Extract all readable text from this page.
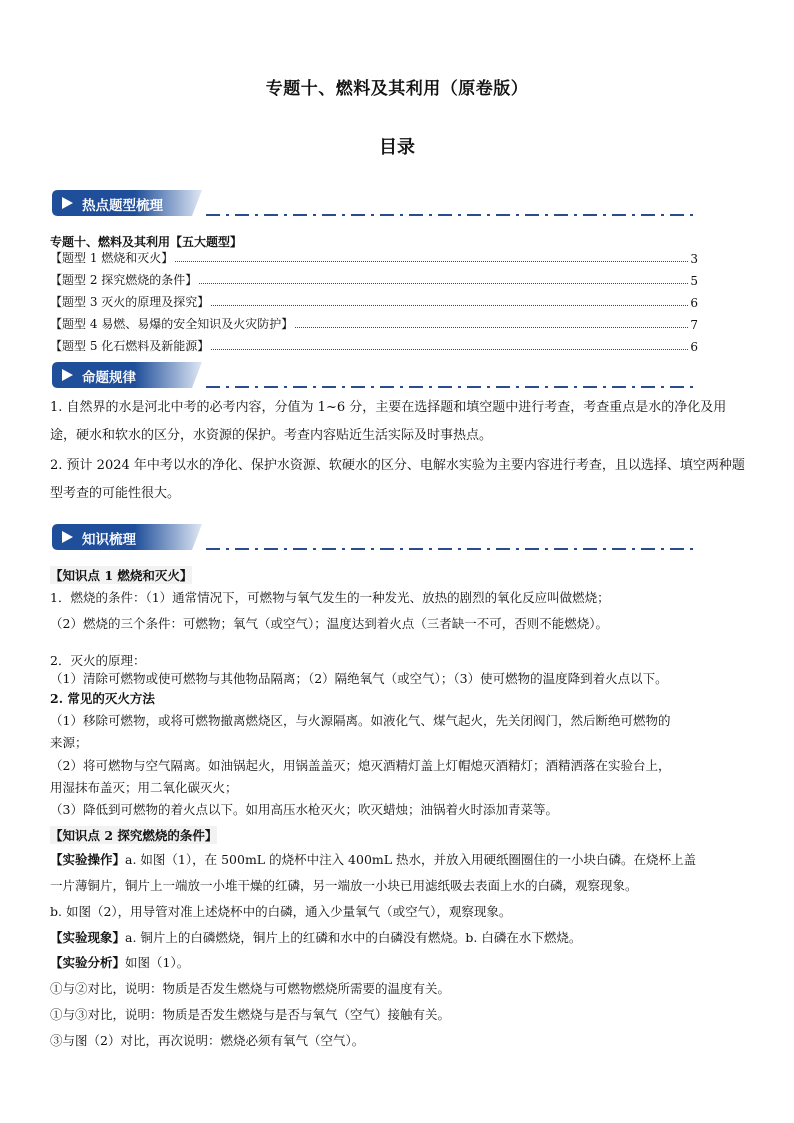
专题十、燃料及其利用（原卷版）
目录
热点题型梳理
专题十、燃料及其利用【五大题型】
【题型 1 燃烧和灭火】	3
【题型 2 探究燃烧的条件】	5
【题型 3 灭火的原理及探究】	6
【题型 4 易燃、易爆的安全知识及火灾防护】	7
【题型 5 化石燃料及新能源】	6
命题规律
1. 自然界的水是河北中考的必考内容，分值为 1~6 分，主要在选择题和填空题中进行考查，考查重点是水的净化及用途，硬水和软水的区分，水资源的保护。考查内容贴近生活实际及时事热点。
2. 预计 2024 年中考以水的净化、保护水资源、软硬水的区分、电解水实验为主要内容进行考查，且以选择、填空两种题型考查的可能性很大。
知识梳理
【知识点 1 燃烧和灭火】
1．燃烧的条件：（1）通常情况下，可燃物与氧气发生的一种发光、放热的剧烈的氧化反应叫做燃烧；
（2）燃烧的三个条件：可燃物；氧气（或空气）；温度达到着火点（三者缺一不可，否则不能燃烧）。
2．灭火的原理：
（1）清除可燃物或使可燃物与其他物品隔离；（2）隔绝氧气（或空气）；（3）使可燃物的温度降到着火点以下。
2. 常见的灭火方法
（1）移除可燃物，或将可燃物撤离燃烧区，与火源隔离。如液化气、煤气起火，先关闭阀门，然后断绝可燃物的
来源；
（2）将可燃物与空气隔离。如油锅起火，用锅盖盖灭；熄灭酒精灯盖上灯帽熄灭酒精灯；酒精洒落在实验台上，
用湿抹布盖灭；用二氧化碳灭火；
（3）降低到可燃物的着火点以下。如用高压水枪灭火；吹灭蜡烛；油锅着火时添加青菜等。
【知识点 2 探究燃烧的条件】
【实验操作】a. 如图（1），在 500mL 的烧杯中注入 400mL 热水，并放入用硬纸圈圈住的一小块白磷。在烧杯上盖
一片薄铜片，铜片上一端放一小堆干燥的红磷，另一端放一小块已用滤纸吸去表面上水的白磷，观察现象。
b. 如图（2），用导管对准上述烧杯中的白磷，通入少量氧气（或空气），观察现象。
【实验现象】a. 铜片上的白磷燃烧，铜片上的红磷和水中的白磷没有燃烧。b. 白磷在水下燃烧。
【实验分析】如图（1）。
①与②对比，说明：物质是否发生燃烧与可燃物燃烧所需要的温度有关。
①与③对比，说明：物质是否发生燃烧与是否与氧气（空气）接触有关。
③与图（2）对比，再次说明：燃烧必须有氧气（空气）。
